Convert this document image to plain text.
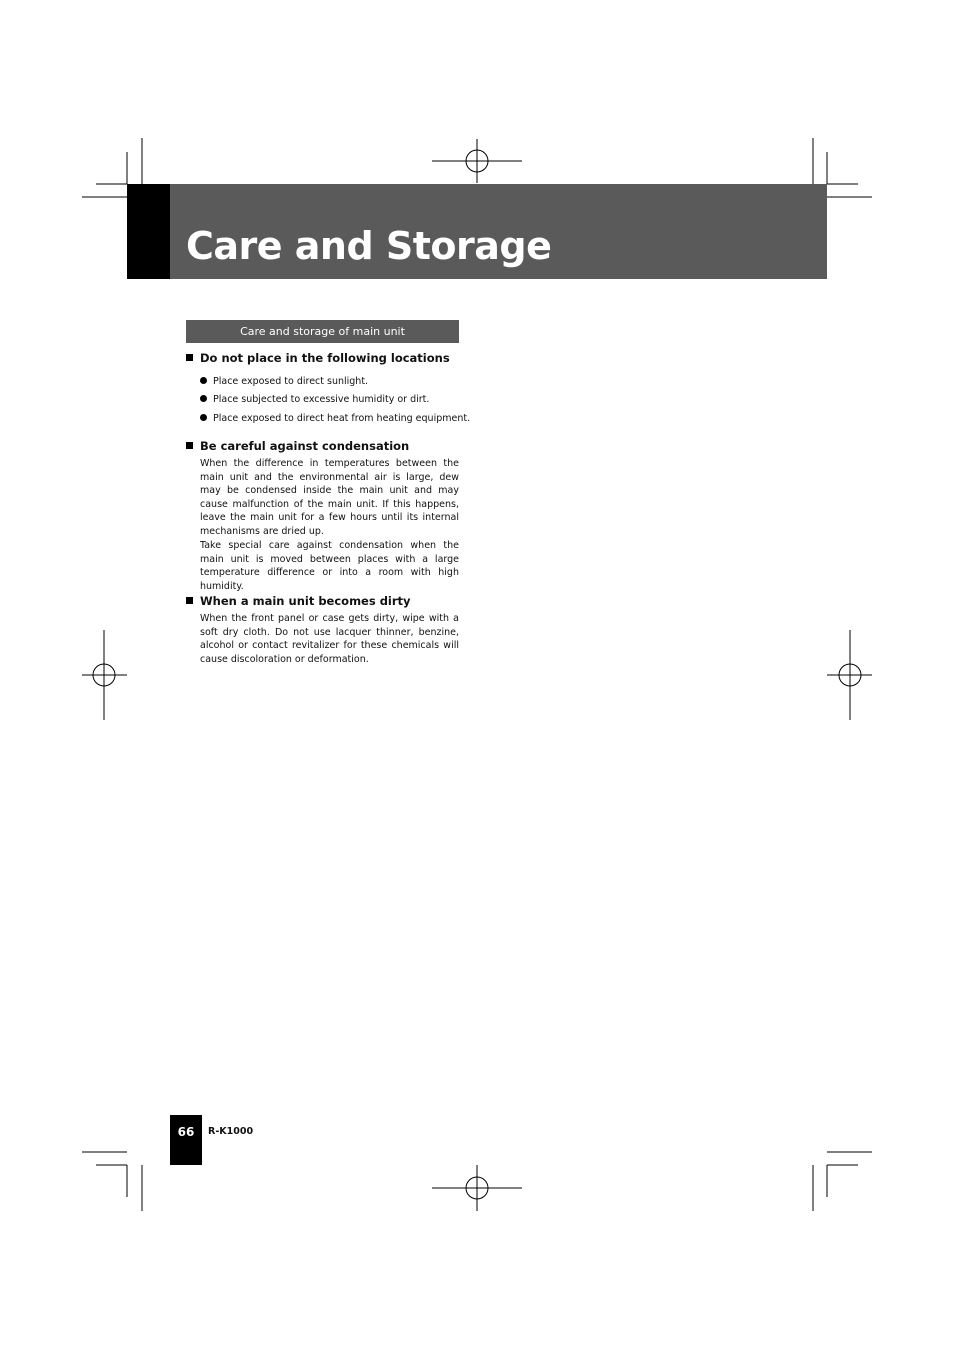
Care and Storage
Care and storage of main unit
Do not place in the following locations
Place exposed to direct sunlight.
Place subjected to excessive humidity or dirt.
Place exposed to direct heat from heating equipment.
Be careful against condensation

When the difference in temperatures between the main unit and the environmental air is large, dew may be condensed inside the main unit and may cause malfunction of the main unit. If this happens, leave the main unit for a few hours until its internal mechanisms are dried up.

Take special care against condensation when the main unit is moved between places with a large temperature difference or into a room with high humidity.

When a main unit becomes dirty

When the front panel or case gets dirty, wipe with a soft dry cloth. Do not use lacquer thinner, benzine, alcohol or contact revitalizer for these chemicals will cause discoloration or deformation.

66	R-K1000
